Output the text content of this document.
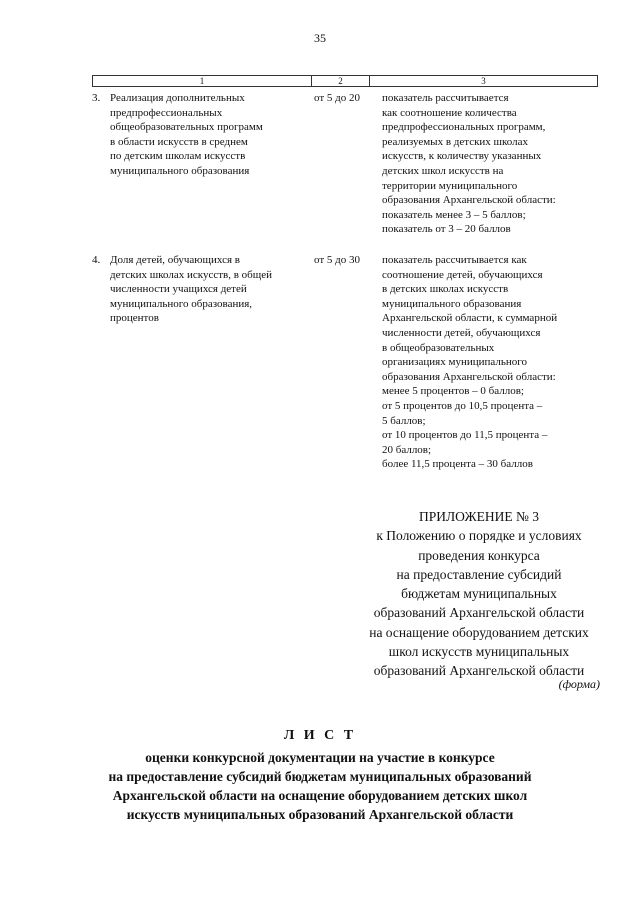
35
1	2	3
3. Реализация дополнительных
предпрофессиональных
общеобразовательных программ
в области искусств в среднем
по детским школам искусств
муниципального образования
от 5 до 20	показатель рассчитывается
как соотношение количества
предпрофессиональных программ,
реализуемых в детских школах
искусств, к количеству указанных
детских школ искусств на
территории муниципального
образования Архангельской области:
показатель менее 3 – 5 баллов;
показатель от 3 – 20 баллов
4. Доля детей, обучающихся в
детских школах искусств, в общей
численности учащихся детей
муниципального образования,
процентов
от 5 до 30	показатель рассчитывается как
соотношение детей, обучающихся
в детских школах искусств
муниципального образования
Архангельской области, к суммарной
численности детей, обучающихся
в общеобразовательных
организациях муниципального
образования Архангельской области:
менее 5 процентов – 0 баллов;
от 5 процентов до 10,5 процента –
5 баллов;
от 10 процентов до 11,5 процента –
20 баллов;
более 11,5 процента – 30 баллов
ПРИЛОЖЕНИЕ № 3
к Положению о порядке и условиях
проведения конкурса
на предоставление субсидий
бюджетам муниципальных
образований Архангельской области
на оснащение оборудованием детских
школ искусств муниципальных
образований Архангельской области
(форма)
Л И С Т
оценки конкурсной документации на участие в конкурсе
на предоставление субсидий бюджетам муниципальных образований
Архангельской области на оснащение оборудованием детских школ
искусств муниципальных образований Архангельской области
